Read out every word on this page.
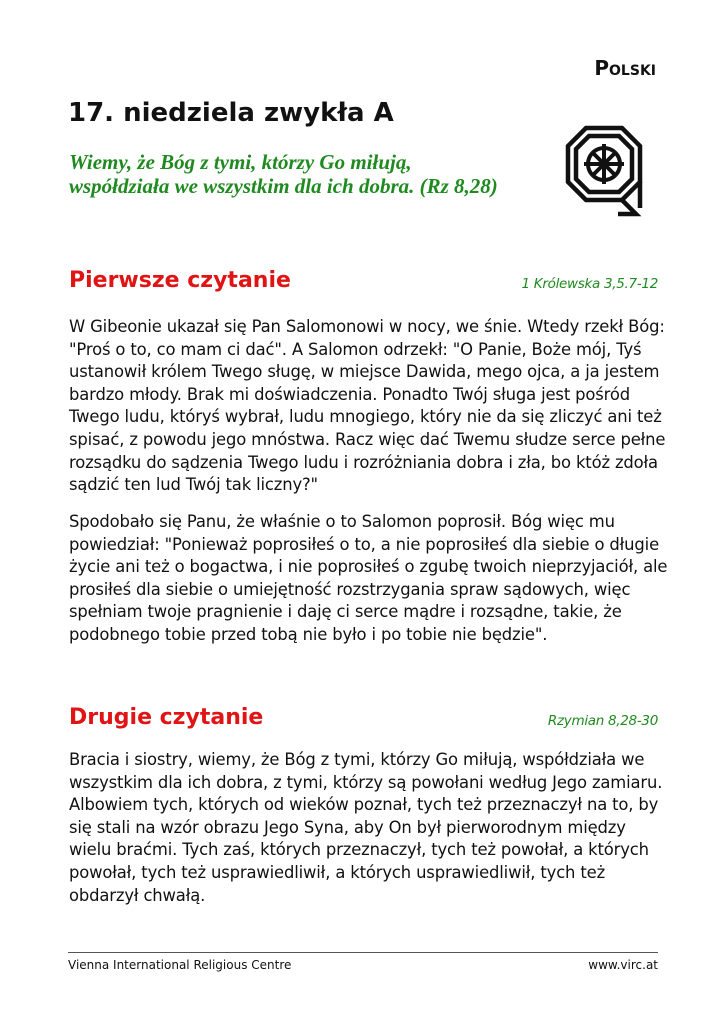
Polski
17. niedziela zwykła A

Wiemy, że Bóg z tymi, którzy Go miłują, współdziała we wszystkim dla ich dobra. (Rz 8,28)

Pierwsze czytanie	1 Królewska 3,5.7-12

W Gibeonie ukazał się Pan Salomonowi w nocy, we śnie. Wtedy rzekł Bóg: "Proś o to, co mam ci dać". A Salomon odrzekł: "O Panie, Boże mój, Tyś ustanowił królem Twego sługę, w miejsce Dawida, mego ojca, a ja jestem bardzo młody. Brak mi doświadczenia. Ponadto Twój sługa jest pośród Twego ludu, któryś wybrał, ludu mnogiego, który nie da się zliczyć ani też spisać, z powodu jego mnóstwa. Racz więc dać Twemu słudze serce pełne rozsądku do sądzenia Twego ludu i rozróżniania dobra i zła, bo któż zdoła sądzić ten lud Twój tak liczny?"

Spodobało się Panu, że właśnie o to Salomon poprosił. Bóg więc mu powiedział: "Ponieważ poprosiłeś o to, a nie poprosiłeś dla siebie o długie życie ani też o bogactwa, i nie poprosiłeś o zgubę twoich nieprzyjaciół, ale prosiłeś dla siebie o umiejętność rozstrzygania spraw sądowych, więc spełniam twoje pragnienie i daję ci serce mądre i rozsądne, takie, że podobnego tobie przed tobą nie było i po tobie nie będzie".

Drugie czytanie	Rzymian 8,28-30

Bracia i siostry, wiemy, że Bóg z tymi, którzy Go miłują, współdziała we wszystkim dla ich dobra, z tymi, którzy są powołani według Jego zamiaru. Albowiem tych, których od wieków poznał, tych też przeznaczył na to, by się stali na wzór obrazu Jego Syna, aby On był pierworodnym między wielu braćmi. Tych zaś, których przeznaczył, tych też powołał, a których powołał, tych też usprawiedliwił, a których usprawiedliwił, tych też obdarzył chwałą.

Vienna International Religious Centre	www.virc.at
